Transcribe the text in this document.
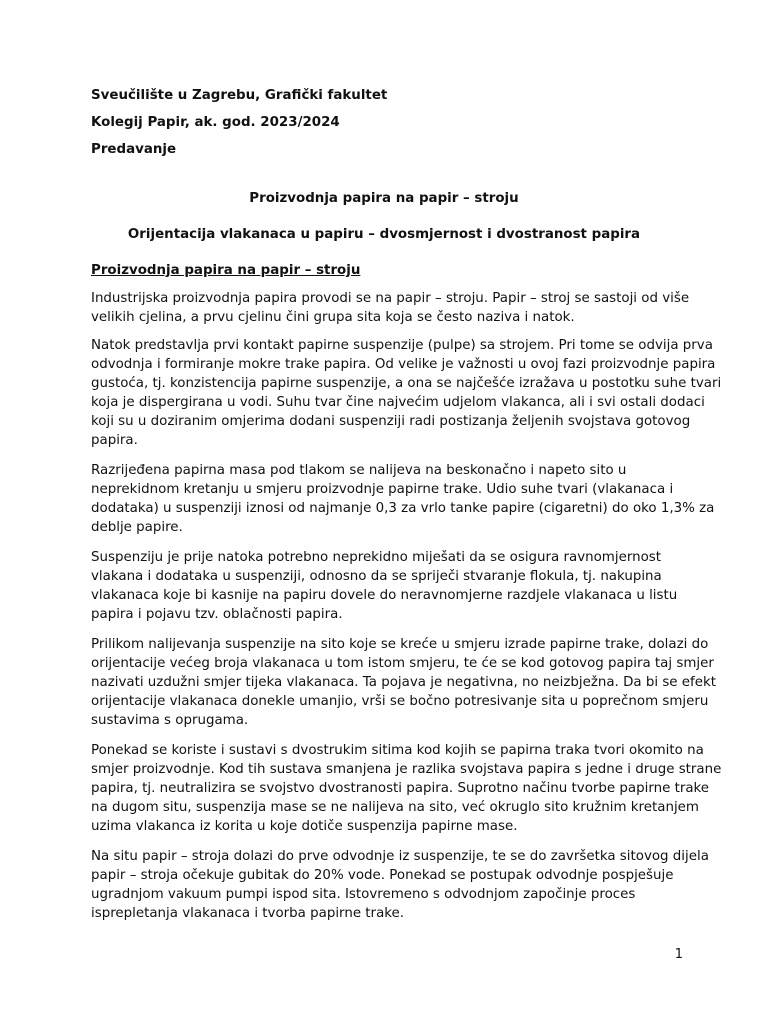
Sveučilište u Zagrebu, Grafički fakultet
Kolegij Papir, ak. god. 2023/2024
Predavanje
Proizvodnja papira na papir – stroju
Orijentacija vlakanaca u papiru – dvosmjernost i dvostranost papira
Proizvodnja papira na papir – stroju
Industrijska proizvodnja papira provodi se na papir – stroju. Papir – stroj se sastoji od više
velikih cjelina, a prvu cjelinu čini grupa sita koja se često naziva i natok.
Natok predstavlja prvi kontakt papirne suspenzije (pulpe) sa strojem. Pri tome se odvija prva
odvodnja i formiranje mokre trake papira. Od velike je važnosti u ovoj fazi proizvodnje papira
gustoća, tj. konzistencija papirne suspenzije, a ona se najčešće izražava u postotku suhe tvari
koja je dispergirana u vodi. Suhu tvar čine najvećim udjelom vlakanca, ali i svi ostali dodaci
koji su u doziranim omjerima dodani suspenziji radi postizanja željenih svojstava gotovog
papira.
Razrijeđena papirna masa pod tlakom se nalijeva na beskonačno i napeto sito u
neprekidnom kretanju u smjeru proizvodnje papirne trake. Udio suhe tvari (vlakanaca i
dodataka) u suspenziji iznosi od najmanje 0,3 za vrlo tanke papire (cigaretni) do oko 1,3% za
deblje papire.
Suspenziju je prije natoka potrebno neprekidno miješati da se osigura ravnomjernost
vlakana i dodataka u suspenziji, odnosno da se spriječi stvaranje flokula, tj. nakupina
vlakanaca koje bi kasnije na papiru dovele do neravnomjerne razdjele vlakanaca u listu
papira i pojavu tzv. oblačnosti papira.
Prilikom nalijevanja suspenzije na sito koje se kreće u smjeru izrade papirne trake, dolazi do
orijentacije većeg broja vlakanaca u tom istom smjeru, te će se kod gotovog papira taj smjer
nazivati uzdužni smjer tijeka vlakanaca. Ta pojava je negativna, no neizbježna. Da bi se efekt
orijentacije vlakanaca donekle umanjio, vrši se bočno potresivanje sita u poprečnom smjeru
sustavima s oprugama.
Ponekad se koriste i sustavi s dvostrukim sitima kod kojih se papirna traka tvori okomito na
smjer proizvodnje. Kod tih sustava smanjena je razlika svojstava papira s jedne i druge strane
papira, tj. neutralizira se svojstvo dvostranosti papira. Suprotno načinu tvorbe papirne trake
na dugom situ, suspenzija mase se ne nalijeva na sito, već okruglo sito kružnim kretanjem
uzima vlakanca iz korita u koje dotiče suspenzija papirne mase.
Na situ papir – stroja dolazi do prve odvodnje iz suspenzije, te se do završetka sitovog dijela
papir – stroja očekuje gubitak do 20% vode. Ponekad se postupak odvodnje pospješuje
ugradnjom vakuum pumpi ispod sita. Istovremeno s odvodnjom započinje proces
isprepletanja vlakanaca i tvorba papirne trake.
1
